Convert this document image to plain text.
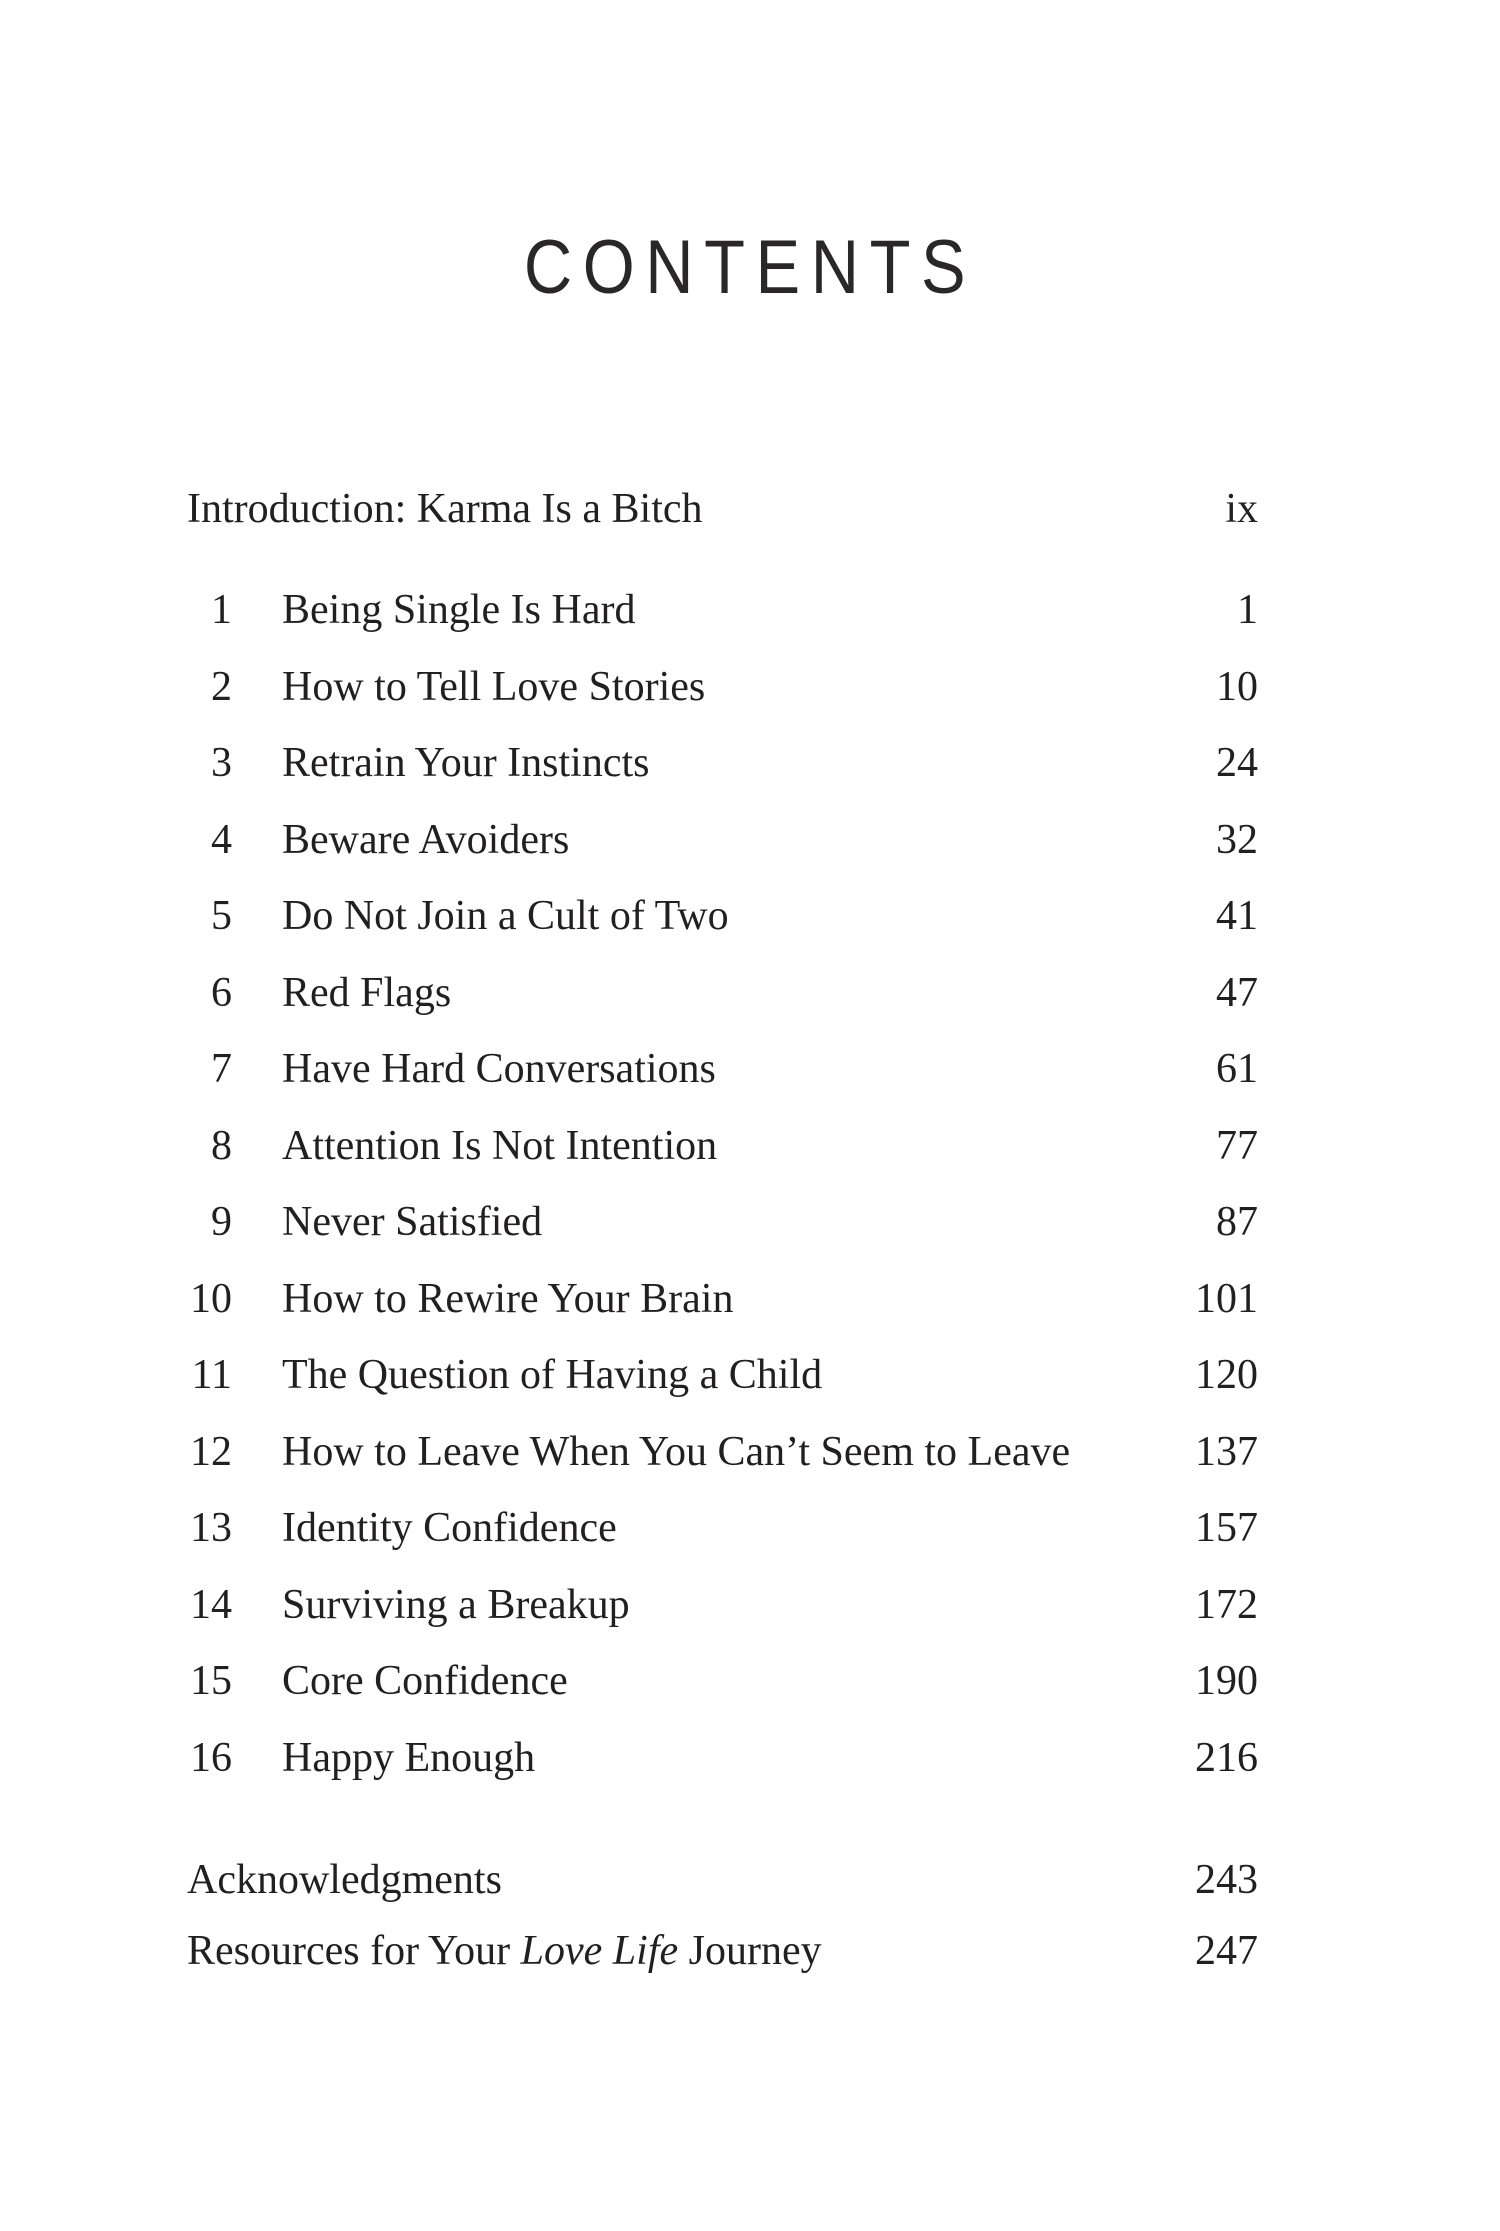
CONTENTS
Introduction: Karma Is a Bitch	ix
1 Being Single Is Hard	1
2 How to Tell Love Stories	10
3 Retrain Your Instincts	24
4 Beware Avoiders	32
5 Do Not Join a Cult of Two	41
6 Red Flags	47
7 Have Hard Conversations	61
8 Attention Is Not Intention	77
9 Never Satisfied	87
10 How to Rewire Your Brain	101
11 The Question of Having a Child	120
12 How to Leave When You Can’t Seem to Leave	137
13 Identity Confidence	157
14 Surviving a Breakup	172
15 Core Confidence	190
16 Happy Enough	216
Acknowledgments	243
Resources for Your Love Life Journey	247
